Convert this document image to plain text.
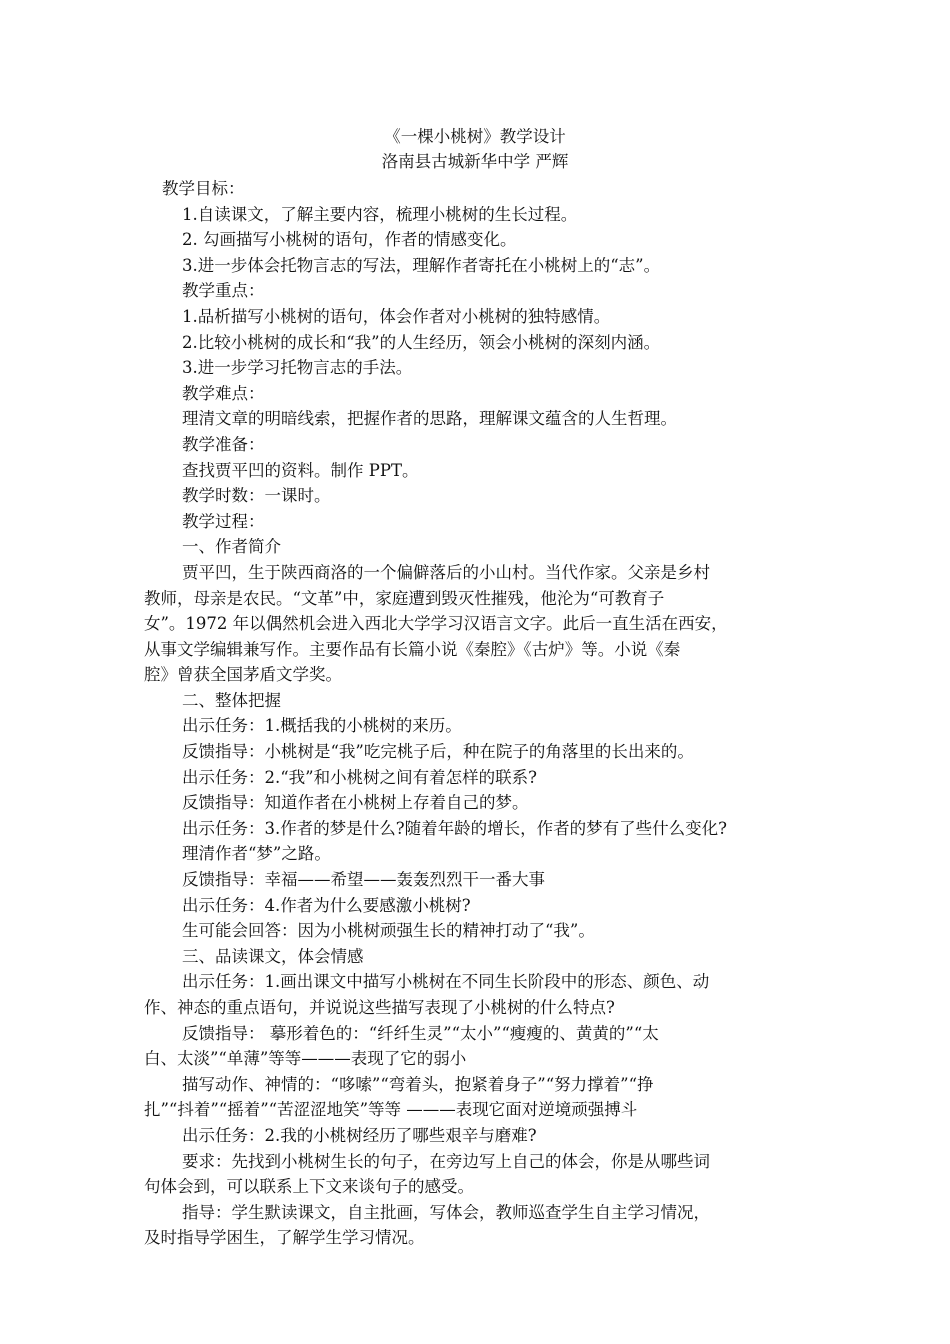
《一棵小桃树》教学设计
洛南县古城新华中学 严辉
教学目标：
1.自读课文，了解主要内容，梳理小桃树的生长过程。
2. 勾画描写小桃树的语句，作者的情感变化。
3.进一步体会托物言志的写法，理解作者寄托在小桃树上的“志”。
教学重点：
1.品析描写小桃树的语句，体会作者对小桃树的独特感情。
2.比较小桃树的成长和“我”的人生经历，领会小桃树的深刻内涵。
3.进一步学习托物言志的手法。
教学难点：
理清文章的明暗线索，把握作者的思路，理解课文蕴含的人生哲理。
教学准备：
查找贾平凹的资料。制作 PPT。
教学时数：一课时。
教学过程：
一、作者简介
贾平凹，生于陕西商洛的一个偏僻落后的小山村。当代作家。父亲是乡村
教师，母亲是农民。“文革”中，家庭遭到毁灭性摧残，他沦为“可教育子
女”。1972 年以偶然机会进入西北大学学习汉语言文字。此后一直生活在西安，
从事文学编辑兼写作。主要作品有长篇小说《秦腔》《古炉》等。小说《秦
腔》曾获全国茅盾文学奖。
二、整体把握
出示任务：1.概括我的小桃树的来历。
反馈指导：小桃树是“我”吃完桃子后，种在院子的角落里的长出来的。
出示任务：2.“我”和小桃树之间有着怎样的联系?
反馈指导：知道作者在小桃树上存着自己的梦。
出示任务：3.作者的梦是什么?随着年龄的增长，作者的梦有了些什么变化?
理清作者“梦”之路。
反馈指导：幸福——希望——轰轰烈烈干一番大事
出示任务：4.作者为什么要感激小桃树?
生可能会回答：因为小桃树顽强生长的精神打动了“我”。
三、品读课文，体会情感
出示任务：1.画出课文中描写小桃树在不同生长阶段中的形态、颜色、动
作、神态的重点语句，并说说这些描写表现了小桃树的什么特点?
反馈指导： 摹形着色的：“纤纤生灵”“太小”“瘦瘦的、黄黄的”“太
白、太淡”“单薄”等等———表现了它的弱小
描写动作、神情的：“哆嗦”“弯着头，抱紧着身子”“努力撑着”“挣
扎”“抖着”“摇着”“苦涩涩地笑”等等 ———表现它面对逆境顽强搏斗
出示任务：2.我的小桃树经历了哪些艰辛与磨难?
要求：先找到小桃树生长的句子，在旁边写上自己的体会，你是从哪些词
句体会到，可以联系上下文来谈句子的感受。
指导：学生默读课文，自主批画，写体会，教师巡查学生自主学习情况，
及时指导学困生，了解学生学习情况。
